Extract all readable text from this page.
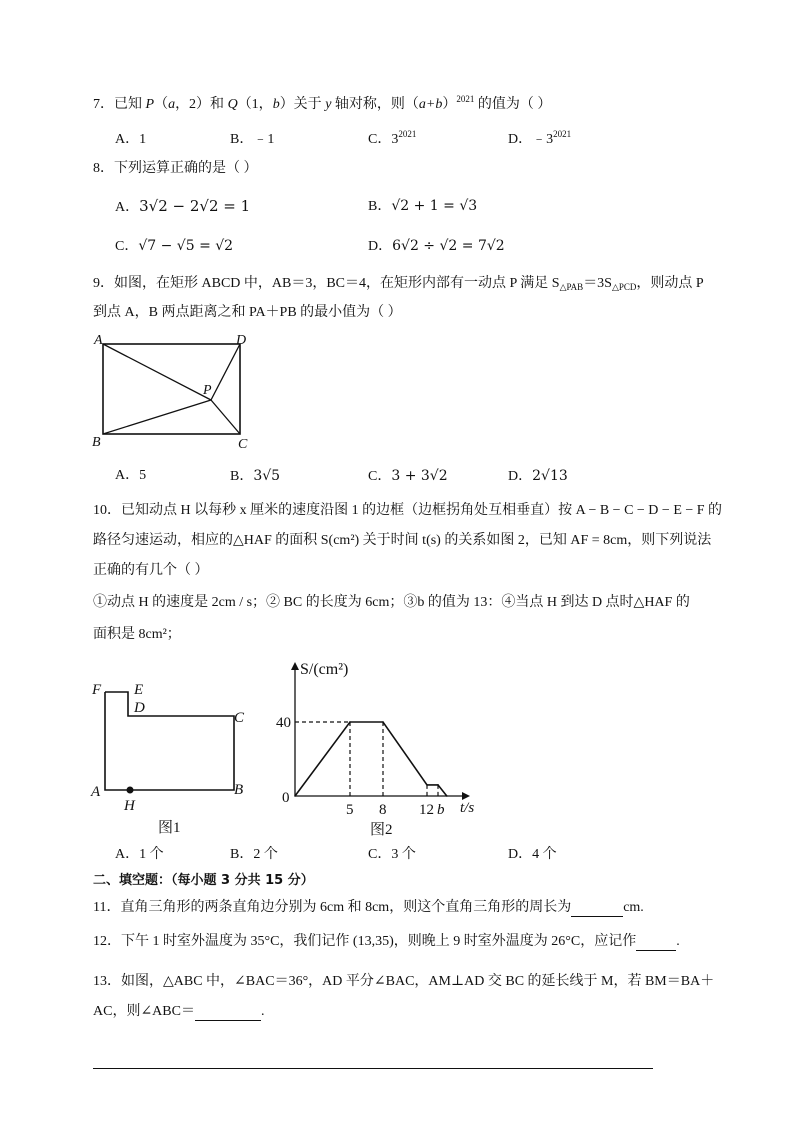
7．已知 P（a，2）和 Q（1，b）关于 y 轴对称，则$(a+b)^{2021}$ 的值为（ ）
A．1	B．﹣1	C．$3^{2021}$	D．$﹣3^{2021}$
8．下列运算正确的是（ ）
A．3√2 − 2√2 = 1	B．√2 + 1 = √3
C．√7 − √5 = √2	D．6√2 ÷ √2 = 7√2
9．如图，在矩形 ABCD 中，AB＝3，BC＝4，在矩形内部有一动点 P 满足 $S_{\triangle PAB}=3S_{\triangle PCD}$，则动点 P
到点 A，B 两点距离之和 PA＋PB 的最小值为（ ）
A
B	C
D
P
A．5	B．3√5	C．3 + 3√2	D．2√13
10．已知动点 H 以每秒 x 厘米的速度沿图 1 的边框（边框拐角处互相垂直）按 A − B − C − D − E − F 的
路径匀速运动，相应的△HAF 的面积 S(cm²) 关于时间 t(s) 的关系如图 2，已知 AF = 8cm，则下列说法
正确的有几个（ ）
①动点 H 的速度是 2cm / s；② BC 的长度为 6cm；③b 的值为 13：④当点 H 到达 D 点时△HAF 的
面积是 8cm²；
F E
D
C
A	B
H
图1
S/(cm²)
t/s
0
40
5 8 12 b
图2
A．1 个	B．2 个	C．3 个	D．4 个
二、填空题：（每小题 3 分共 15 分）
11．直角三角形的两条直角边分别为 6cm 和 8cm，则这个直角三角形的周长为	cm.
12．下午 1 时室外温度为 35°C，我们记作 (13,35)，则晚上 9 时室外温度为 26°C，应记作	.
13．如图，△ABC 中，∠BAC＝36°，AD 平分∠BAC，AM⊥AD 交 BC 的延长线于 M，若 BM＝BA＋
AC，则∠ABC＝	.
